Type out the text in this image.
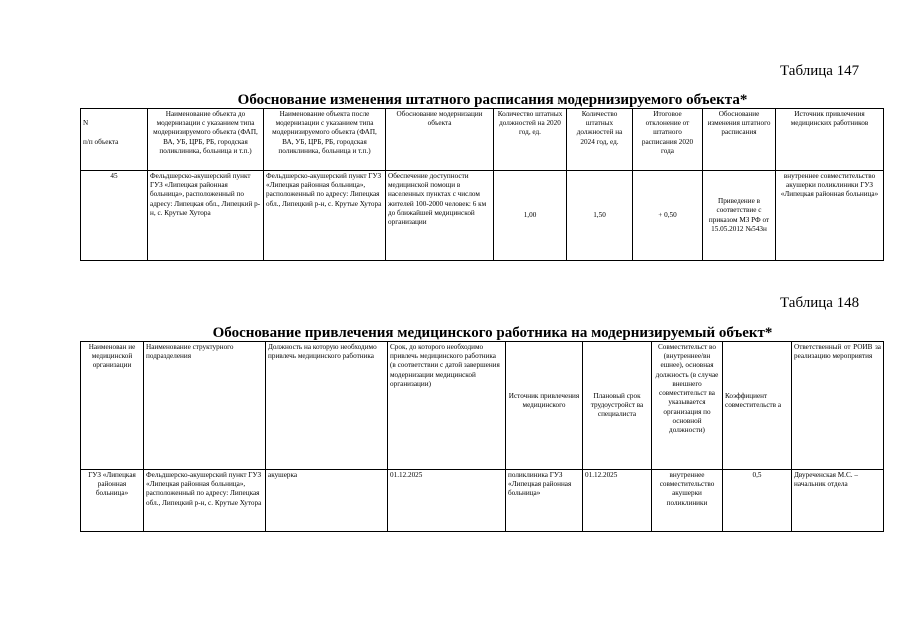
Таблица 147
Обоснование изменения штатного расписания модернизируемого объекта*
N
п/п объекта	Наименование объекта до модернизации с указанием типа модернизируемого объекта (ФАП, ВА, УБ, ЦРБ, РБ, городская поликлиника, больница и т.п.)	Наименование объекта после модернизации с указанием типа модернизируемого объекта (ФАП, ВА, УБ, ЦРБ, РБ, городская поликлиника, больница и т.п.)	Обоснование модернизации объекта	Количество штатных должностей на 2020 год, ед.	Количество штатных должностей на 2024 год, ед.	Итоговое отклонение от штатного расписания 2020 года	Обоснование изменения штатного расписания	Источник привлечения медицинских работников
45	Фельдшерско-акушерский пункт ГУЗ «Липецкая районная больница», расположенный по адресу: Липецкая обл., Липецкий р-н, с. Крутые Хутора	Фельдшерско-акушерский пункт ГУЗ «Липецкая районная больница», расположенный по адресу: Липецкая обл., Липецкий р-н, с. Крутые Хутора	Обеспечение доступности медицинской помощи в населенных пунктах с числом жителей 100-2000 человек: 6 км до ближайшей медицинской организации	1,00	1,50	+ 0,50	Приведение в соответствие с приказом МЗ РФ от 15.05.2012 №543н	внутреннее совместительство акушерки поликлиники ГУЗ «Липецкая районная больница»
Таблица 148
Обоснование привлечения медицинского работника на модернизируемый объект*
Наименован ие медицинской организации	Наименование структурного подразделения	Должность на которую необходимо привлечь медицинского работника	Срок, до которого необходимо привлечь медицинского работника (в соответствии с датой завершения модернизации медицинской организации)	Источник привлечения медицинского	Плановый срок трудоустройст ва специалиста	Совместительст во (внутреннее/вн ешнее), основная должность (в случае внешнего совместительст ва указывается организация по основной должности)	Коэффициент совместительств а	Ответственный от РОИВ за реализацию мероприятия
ГУЗ «Липецкая районная больница»	Фельдшерско-акушерский пункт ГУЗ «Липецкая районная больница», расположенный по адресу: Липецкая обл., Липецкий р-н, с. Крутые Хутора	акушерка	01.12.2025	поликлиника ГУЗ «Липецкая районная больница»	01.12.2025	внутреннее совместительство акушерки поликлиники	0,5	Двуреченская М.С. – начальник отдела
